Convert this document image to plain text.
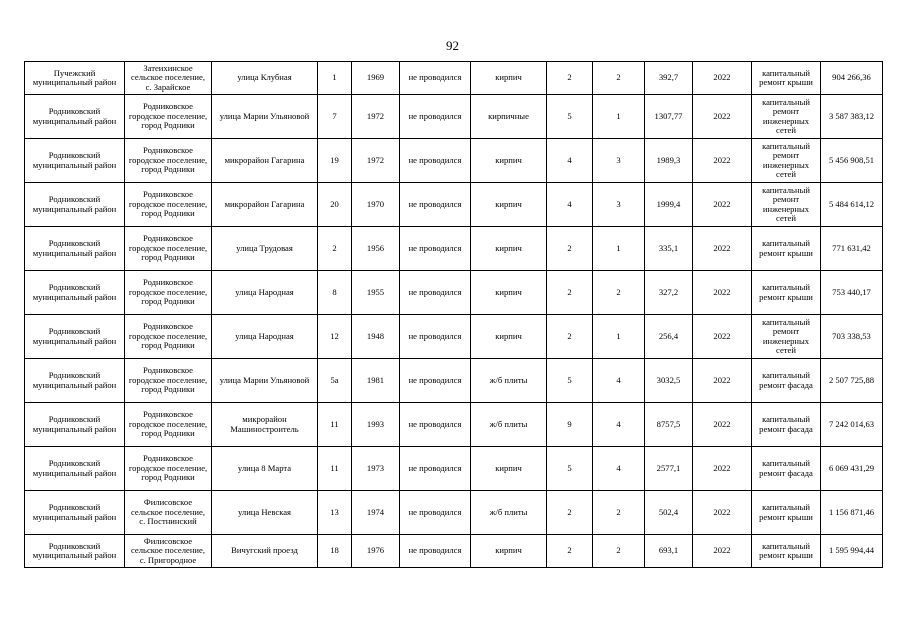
92
Пучежский муниципальный район	Затеихинское сельское поселение, с. Зарайское	улица Клубная	1	1969	не проводился	кирпич	2	2	392,7	2022	капитальный ремонт крыши	904 266,36
Родниковский муниципальный район	Родниковское городское поселение, город Родники	улица Марии Ульяновой	7	1972	не проводился	кирпичные	5	1	1307,77	2022	капитальный ремонт инженерных сетей	3 587 383,12
Родниковский муниципальный район	Родниковское городское поселение, город Родники	микрорайон Гагарина	19	1972	не проводился	кирпич	4	3	1989,3	2022	капитальный ремонт инженерных сетей	5 456 908,51
Родниковский муниципальный район	Родниковское городское поселение, город Родники	микрорайон Гагарина	20	1970	не проводился	кирпич	4	3	1999,4	2022	капитальный ремонт инженерных сетей	5 484 614,12
Родниковский муниципальный район	Родниковское городское поселение, город Родники	улица Трудовая	2	1956	не проводился	кирпич	2	1	335,1	2022	капитальный ремонт крыши	771 631,42
Родниковский муниципальный район	Родниковское городское поселение, город Родники	улица Народная	8	1955	не проводился	кирпич	2	2	327,2	2022	капитальный ремонт крыши	753 440,17
Родниковский муниципальный район	Родниковское городское поселение, город Родники	улица Народная	12	1948	не проводился	кирпич	2	1	256,4	2022	капитальный ремонт инженерных сетей	703 338,53
Родниковский муниципальный район	Родниковское городское поселение, город Родники	улица Марии Ульяновой	5а	1981	не проводился	ж/б плиты	5	4	3032,5	2022	капитальный ремонт фасада	2 507 725,88
Родниковский муниципальный район	Родниковское городское поселение, город Родники	микрорайон Машиностроитель	11	1993	не проводился	ж/б плиты	9	4	8757,5	2022	капитальный ремонт фасада	7 242 014,63
Родниковский муниципальный район	Родниковское городское поселение, город Родники	улица 8 Марта	11	1973	не проводился	кирпич	5	4	2577,1	2022	капитальный ремонт фасада	6 069 431,29
Родниковский муниципальный район	Филисовское сельское поселение, с. Постнинский	улица Невская	13	1974	не проводился	ж/б плиты	2	2	502,4	2022	капитальный ремонт крыши	1 156 871,46
Родниковский муниципальный район	Филисовское сельское поселение, с. Пригородное	Вичугский проезд	18	1976	не проводился	кирпич	2	2	693,1	2022	капитальный ремонт крыши	1 595 994,44
